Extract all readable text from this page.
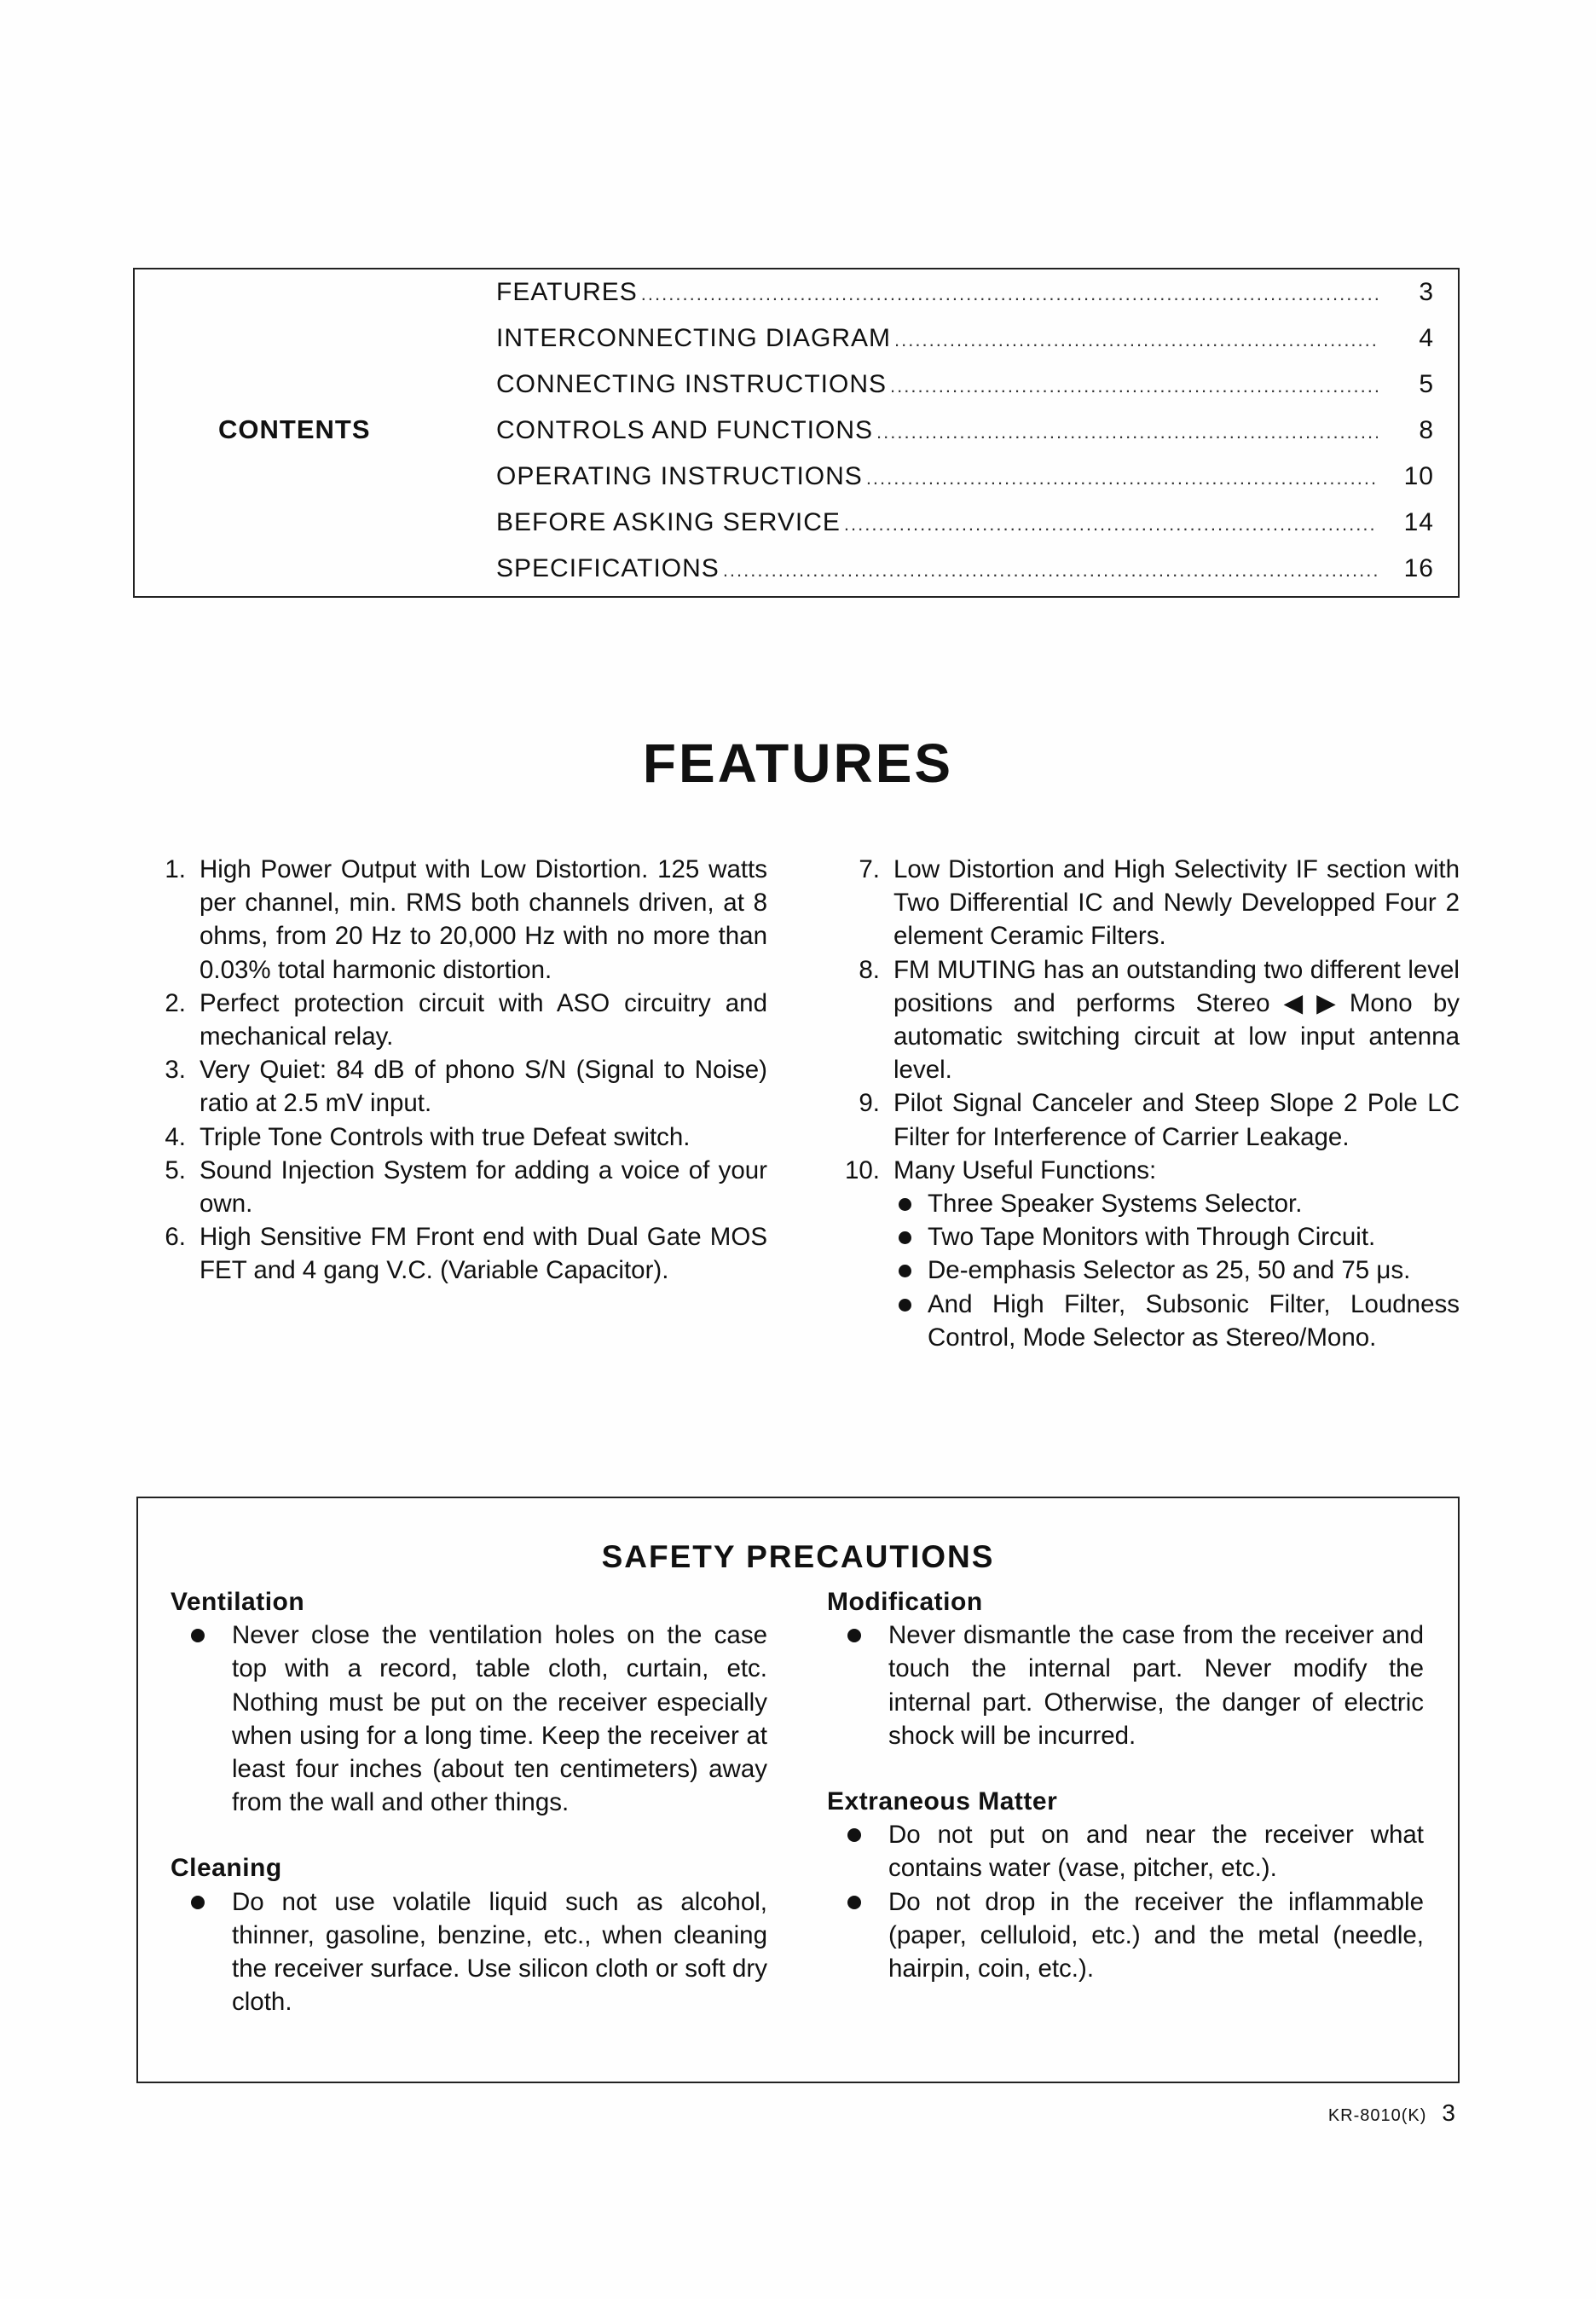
CONTENTS
FEATURES .....	3
INTERCONNECTING DIAGRAM .....	4
CONNECTING INSTRUCTIONS .....	5
CONTROLS AND FUNCTIONS .....	8
OPERATING INSTRUCTIONS .....	10
BEFORE ASKING SERVICE .....	14
SPECIFICATIONS .....	16
FEATURES
1. High Power Output with Low Distortion. 125 watts per channel, min. RMS both channels driven, at 8 ohms, from 20 Hz to 20,000 Hz with no more than 0.03% total harmonic distortion.
2. Perfect protection circuit with ASO circuitry and mechanical relay.
3. Very Quiet: 84 dB of phono S/N (Signal to Noise) ratio at 2.5 mV input.
4. Triple Tone Controls with true Defeat switch.
5. Sound Injection System for adding a voice of your own.
6. High Sensitive FM Front end with Dual Gate MOS FET and 4 gang V.C. (Variable Capacitor).
7. Low Distortion and High Selectivity IF section with Two Differential IC and Newly Developped Four 2 element Ceramic Filters.
8. FM MUTING has an outstanding two different level positions and performs Stereo◀▶Mono by automatic switching circuit at low input antenna level.
9. Pilot Signal Canceler and Steep Slope 2 Pole LC Filter for Interference of Carrier Leakage.
10. Many Useful Functions:
Three Speaker Systems Selector.
Two Tape Monitors with Through Circuit.
De-emphasis Selector as 25, 50 and 75 μs.
And High Filter, Subsonic Filter, Loudness Control, Mode Selector as Stereo/Mono.
SAFETY PRECAUTIONS
Ventilation
Never close the ventilation holes on the case top with a record, table cloth, curtain, etc. Nothing must be put on the receiver especially when using for a long time. Keep the receiver at least four inches (about ten centimeters) away from the wall and other things.
Cleaning
Do not use volatile liquid such as alcohol, thinner, gasoline, benzine, etc., when cleaning the receiver surface. Use silicon cloth or soft dry cloth.
Modification
Never dismantle the case from the receiver and touch the internal part. Never modify the internal part. Otherwise, the danger of electric shock will be incurred.
Extraneous Matter
Do not put on and near the receiver what contains water (vase, pitcher, etc.).
Do not drop in the receiver the inflammable (paper, celluloid, etc.) and the metal (needle, hairpin, coin, etc.).
KR-8010(K) 3
